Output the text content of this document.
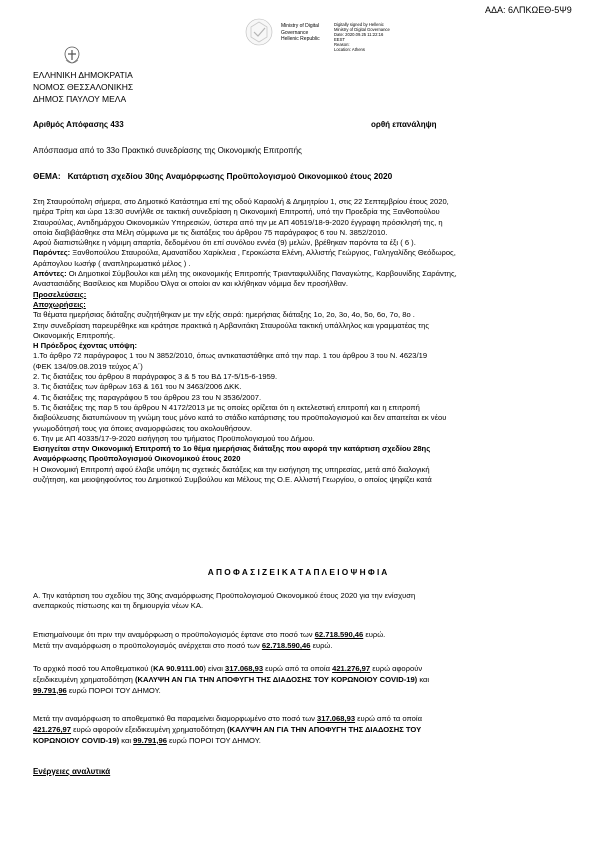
ΑΔΑ: 6ΛΠΚΩΕΘ-5Ψ9
Ministry of Digital
Governance
Hellenic Republic
Digitally signed by Hellenic
Ministry of Digital Governance
Date: 2020.09.25 11:22:16
EEST
Reason:
Location: Athens
ΕΛΛΗΝΙΚΗ ΔΗΜΟΚΡΑΤΙΑ
ΝΟΜΟΣ ΘΕΣΣΑΛΟΝΙΚΗΣ
ΔΗΜΟΣ ΠΑΥΛΟΥ ΜΕΛΑ
Αριθμός Απόφασης 433	ορθή επανάληψη
Απόσπασμα από το 33ο Πρακτικό συνεδρίασης της Οικονομικής Επιτροπής
ΘΕΜΑ: Κατάρτιση σχεδίου 30ης Αναμόρφωσης Προϋπολογισμού Οικονομικού έτους 2020
Στη Σταυρούπολη σήμερα, στο Δημοτικό Κατάστημα επί της οδού Καραολή & Δημητρίου 1, στις 22 Σεπτεμβρίου έτους 2020,
ημέρα Τρίτη και ώρα 13:30 συνήλθε σε τακτική συνεδρίαση η Οικονομική Επιτροπή, υπό την Προεδρία της Ξανθοπούλου
Σταυρούλας, Αντιδημάρχου Οικονομικών Υπηρεσιών, ύστερα από την με ΑΠ 40519/18-9-2020 έγγραφη πρόσκλησή της, η
οποία διαβιβάσθηκε στα Μέλη σύμφωνα με τις διατάξεις του άρθρου 75 παράγραφος 6 του Ν. 3852/2010.
Αφού διαπιστώθηκε η νόμιμη απαρτία, δεδομένου ότι επί συνόλου εννέα (9) μελών, βρέθηκαν παρόντα τα έξι ( 6 ).
Παρόντες: Ξανθοπούλου Σταυρούλα, Αμανατίδου Χαρίκλεια , Γεροκώστα Ελένη, Αλλιστής Γεώργιος, Γαληγαλίδης Θεόδωρος,
Αράπογλου Ιωσήφ ( αναπληρωματικό μέλος ) .
Απόντες: Οι Δημοτικοί Σύμβουλοι και μέλη της οικονομικής Επιτροπής Τριανταφυλλίδης Παναγιώτης, Καρβουνίδης Σαράντης,
Αναστασιάδης Βασίλειος και Μυρίδου Όλγα οι οποίοι αν και κλήθηκαν νόμιμα δεν προσήλθαν.
Προσελεύσεις:
Αποχωρήσεις:
Τα θέματα ημερήσιας διάταξης συζητήθηκαν με την εξής σειρά: ημερήσιας διάταξης 1ο, 2ο, 3ο, 4ο, 5ο, 6ο, 7ο, 8ο .
Στην συνεδρίαση παρευρέθηκε και κράτησε πρακτικά η Αρβανιτάκη Σταυρούλα τακτική υπάλληλος και γραμματέας της
Οικονομικής Επιτροπής.
Η Πρόεδρος έχοντας υπόψη:
1.Το άρθρο 72 παράγραφος 1 του Ν 3852/2010, όπως αντικαταστάθηκε από την παρ. 1 του άρθρου 3 του Ν. 4623/19
(ΦΕΚ 134/09.08.2019 τεύχος Α΄)
2. Τις διατάξεις του άρθρου 8 παράγραφος 3 & 5 του ΒΔ 17-5/15-6-1959.
3. Τις διατάξεις των άρθρων 163 & 161 του Ν 3463/2006 ΔΚΚ.
4. Τις διατάξεις της παραγράφου 5 του άρθρου 23 του Ν 3536/2007.
5. Τις διατάξεις της παρ 5 του άρθρου Ν 4172/2013 με τις οποίες ορίζεται ότι η εκτελεστική επιτροπή και η επιτροπή
διαβούλευσης διατυπώνουν τη γνώμη τους μόνο κατά το στάδιο κατάρτισης του προϋπολογισμού και δεν απαιτείται εκ νέου
γνωμοδότησή τους για όποιες αναμορφώσεις του ακολουθήσουν.
6. Την με ΑΠ 40335/17-9-2020 εισήγηση του τμήματος Προϋπολογισμού του Δήμου.
Εισηγείται στην Οικονομική Επιτροπή το 1ο θέμα ημερήσιας διάταξης που αφορά την κατάρτιση σχεδίου 28ης
Αναμόρφωσης Προϋπολογισμού Οικονομικού έτους 2020
Η Οικονομική Επιτροπή αφού έλαβε υπόψη τις σχετικές διατάξεις και την εισήγηση της υπηρεσίας, μετά από διαλογική
συζήτηση, και μειοψηφούντος του Δημοτικού Συμβούλου και Μέλους της Ο.Ε. Αλλιστή Γεωργίου, ο οποίος ψηφίζει κατά
Α Π Ο Φ Α Σ Ι Ζ Ε Ι Κ Α Τ Α Π Λ Ε Ι Ο Ψ Η Φ Ι Α
Α. Την κατάρτιση του σχεδίου της 30ης αναμόρφωσης Προϋπολογισμού Οικονομικού έτους 2020 για την ενίσχυση
ανεπαρκούς πίστωσης και τη δημιουργία νέων ΚΑ.
Επισημαίνουμε ότι πριν την αναμόρφωση ο προϋπολογισμός έφτανε στο ποσό των 62.718.590,46 ευρώ.
Μετά την αναμόρφωση ο προϋπολογισμός ανέρχεται στο ποσό των 62.718.590,46 ευρώ.
Το αρχικό ποσό του Αποθεματικού (ΚΑ 90.9111.00) είναι 317.068,93 ευρώ από τα οποία 421.276,97 ευρώ αφορούν
εξειδικευμένη χρηματοδότηση (ΚΑΛΥΨΗ ΑΝ ΓΙΑ ΤΗΝ ΑΠΟΦΥΓΗ ΤΗΣ ΔΙΑΔΟΣΗΣ ΤΟΥ ΚΟΡΩΝΟΙΟΥ COVID-19) και
99.791,96 ευρώ ΠΟΡΟΙ ΤΟΥ ΔΗΜΟΥ.
Μετά την αναμόρφωση το αποθεματικό θα παραμείνει διαμορφωμένο στο ποσό των 317.068,93 ευρώ από τα οποία
421.276,97 ευρώ αφορούν εξειδικευμένη χρηματοδότηση (ΚΑΛΥΨΗ ΑΝ ΓΙΑ ΤΗΝ ΑΠΟΦΥΓΗ ΤΗΣ ΔΙΑΔΟΣΗΣ ΤΟΥ
ΚΟΡΩΝΟΙΟΥ COVID-19) και 99.791,96 ευρώ ΠΟΡΟΙ ΤΟΥ ΔΗΜΟΥ.
Ενέργειες αναλυτικά
